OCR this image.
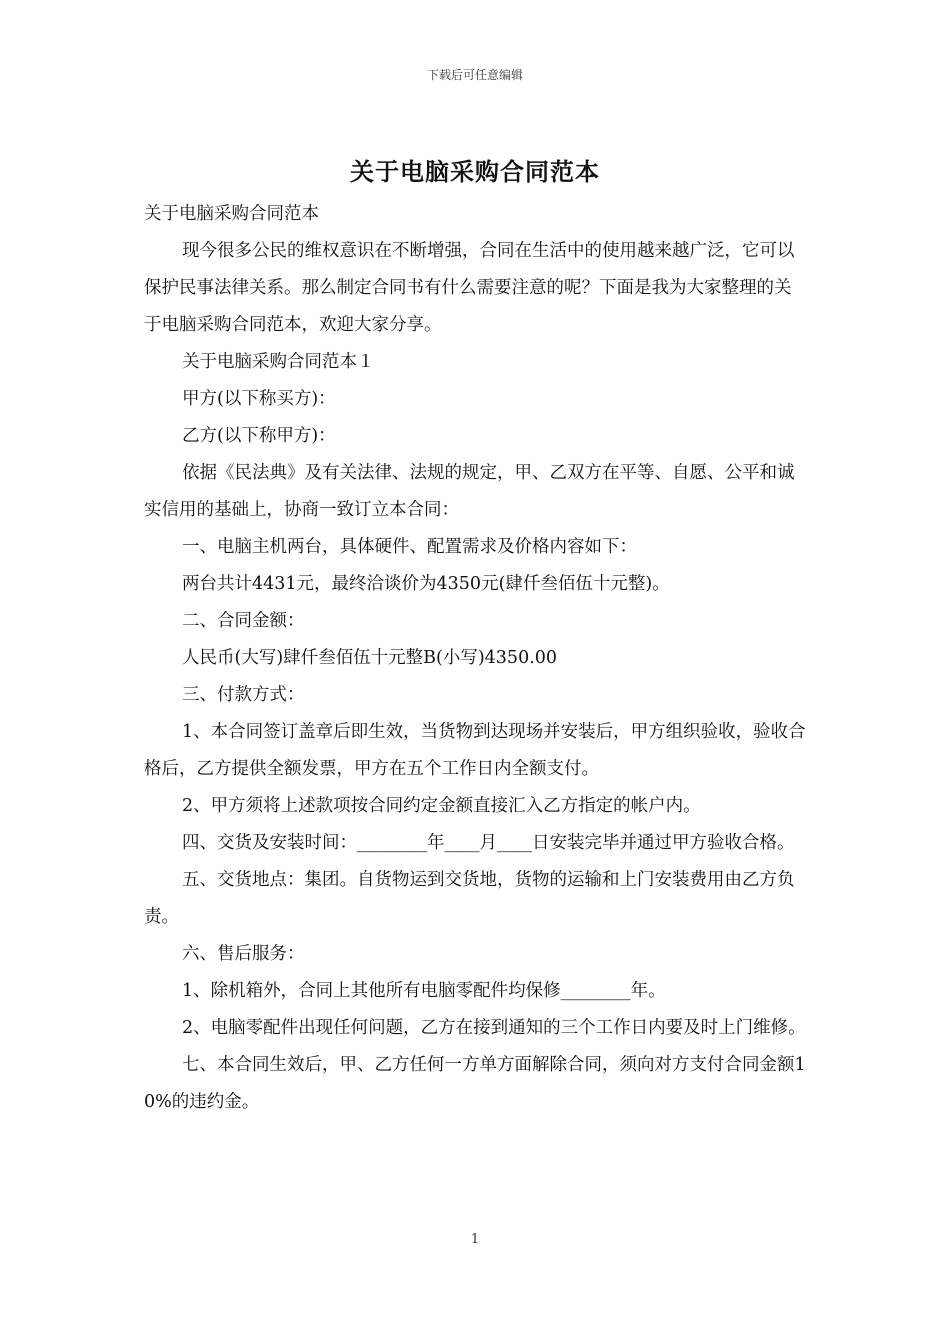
下载后可任意编辑
关于电脑采购合同范本

关于电脑采购合同范本

现今很多公民的维权意识在不断增强，合同在生活中的使用越来越广泛，它可以保护民事法律关系。那么制定合同书有什么需要注意的呢？下面是我为大家整理的关于电脑采购合同范本，欢迎大家分享。

关于电脑采购合同范本１

甲方(以下称买方)：

乙方(以下称甲方)：

依据《民法典》及有关法律、法规的规定，甲、乙双方在平等、自愿、公平和诚实信用的基础上，协商一致订立本合同：

一、电脑主机两台，具体硬件、配置需求及价格内容如下：

两台共计4431元，最终洽谈价为4350元(肆仟叁佰伍十元整)。

二、合同金额：

人民币(大写)肆仟叁佰伍十元整B(小写)4350.00

三、付款方式：

1、本合同签订盖章后即生效，当货物到达现场并安装后，甲方组织验收，验收合格后，乙方提供全额发票，甲方在五个工作日内全额支付。

2、甲方须将上述款项按合同约定金额直接汇入乙方指定的帐户内。

四、交货及安装时间：________年____月____日安装完毕并通过甲方验收合格。

五、交货地点：集团。自货物运到交货地，货物的运输和上门安装费用由乙方负责。

六、售后服务：

1、除机箱外，合同上其他所有电脑零配件均保修________年。

2、电脑零配件出现任何问题，乙方在接到通知的三个工作日内要及时上门维修。

七、本合同生效后，甲、乙方任何一方单方面解除合同，须向对方支付合同金额10%的违约金。

1
